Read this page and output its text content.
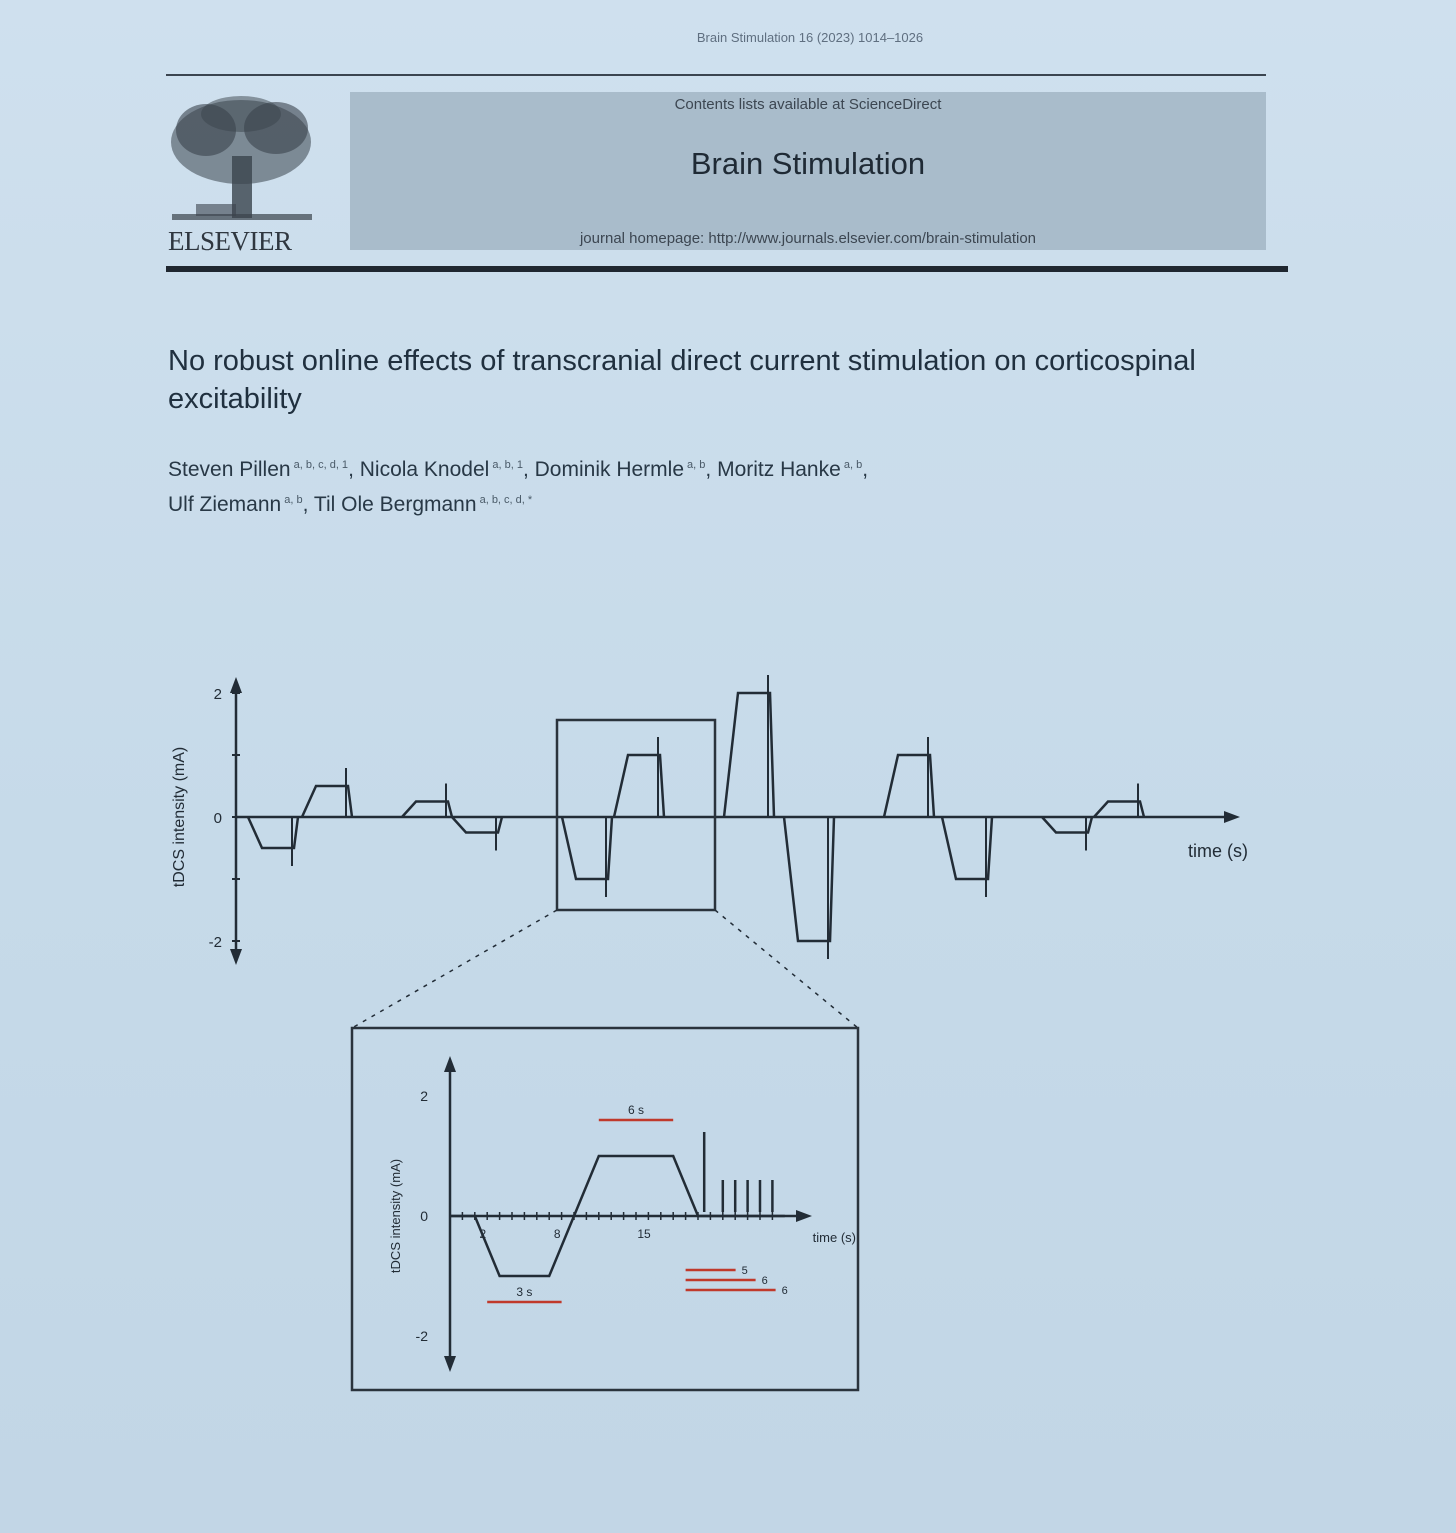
Brain Stimulation 16 (2023) 1014–1026
ELSEVIER
Contents lists available at ScienceDirect
Brain Stimulation
journal homepage: http://www.journals.elsevier.com/brain-stimulation
No robust online effects of transcranial direct current stimulation on corticospinal excitability
Steven Pillen $^{a, b, c, d, 1}$, Nicola Knodel $^{a, b, 1}$, Dominik Hermle $^{a, b}$, Moritz Hanke $^{a, b}$,
Ulf Ziemann $^{a, b}$, Til Ole Bergmann $^{a, b, c, d, *}$
2
0
-2
tDCS intensity (mA)	time (s)
2
0
-2
2	8	15
tDCS intensity (mA)	time (s)
6 s
3 s
5
6
6
